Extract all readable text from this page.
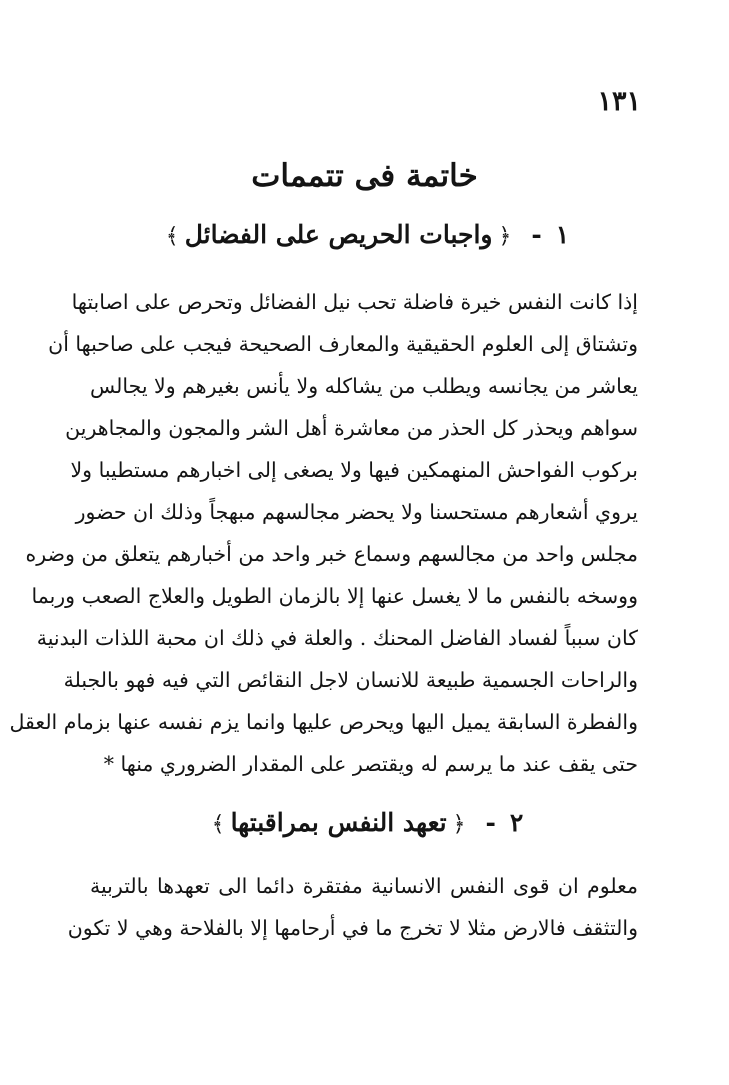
١٣١
خاتمة فى تتممات
١-﴿واجبات الحريص على الفضائل﴾
إذا كانت النفس خيرة فاضلة تحب نيل الفضائل وتحرص على اصابتها
وتشتاق إلى العلوم الحقيقية والمعارف الصحيحة فيجب على صاحبها أن
يعاشر من يجانسه ويطلب من يشاكله ولا يأنس بغيرهم ولا يجالس
سواهم ويحذر كل الحذر من معاشرة أهل الشر والمجون والمجاهرين
بركوب الفواحش المنهمكين فيها ولا يصغى إلى اخبارهم مستطيبا ولا
يروي أشعارهم مستحسنا ولا يحضر مجالسهم مبهجاً وذلك ان حضور
مجلس واحد من مجالسهم وسماع خبر واحد من أخبارهم يتعلق من وضره
ووسخه بالنفس ما لا يغسل عنها إلا بالزمان الطويل والعلاج الصعب وربما
كان سبباً لفساد الفاضل المحنك . والعلة في ذلك ان محبة اللذات البدنية
والراحات الجسمية طبيعة للانسان لاجل النقائص التي فيه فهو بالجبلة
والفطرة السابقة يميل اليها ويحرص عليها وانما يزم نفسه عنها بزمام العقل
حتى يقف عند ما يرسم له ويقتصر على المقدار الضروري منها *
٢-﴿تعهد النفس بمراقبتها﴾
معلوم ان قوى النفس الانسانية مفتقرة دائما الى تعهدها بالتربية
والتثقف فالارض مثلا لا تخرج ما في أرحامها إلا بالفلاحة وهي لا تكون
